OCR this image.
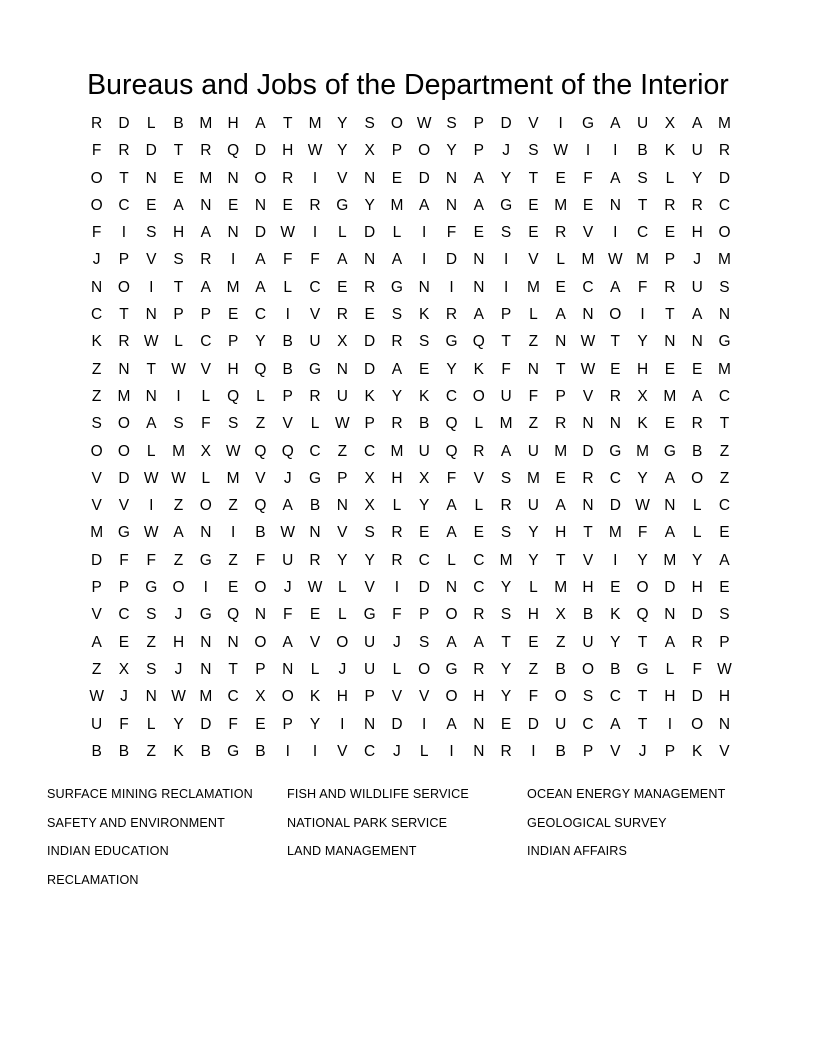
Bureaus and Jobs of the Department of the Interior
R	D	L	B	M H	A	T	M	Y	S	O W S	P	D	V	I	G	A	U	X	A	M
F	R	D	T	R	Q	D	H W Y	X	P	O	Y	P	J	S W	I	I	B	K	U	R
O	T	N	E	M N	O	R	I	V	N	E	D	N	A	Y	T	E	F	A	S	L	Y	D
O	C	E	A	N	E	N	E	R	G	Y	M	A	N	A	G	E	M	E	N	T	R	R	C
F	I	S	H	A	N	D W	I	L	D	L	I	F	E	S	E	R	V	I	C	E	H	O
J	P	V	S	R	I	A	F	F	A	N	A	I	D	N	I	V	L	M W M	P	J	M
N	O	I	T	A	M	A	L	C	E	R	G	N	I	N	I	M	E	C	A	F	R	U	S
C	T	N	P	P	E	C	I	V	R	E	S	K	R	A	P	L	A	N	O	I	T	A	N
K	R W	L	C	P	Y	B	U	X	D	R	S	G Q	T	Z	N W T	Y	N	N	G
Z	N	T W V	H	Q	B	G	N	D	A	E	Y	K	F	N	T W E	H	E	E	M
Z	M N	I	L	Q	L	P	R	U	K	Y	K	C	O	U	F	P	V	R	X	M	A	C
S	O	A	S	F	S	Z	V	L	W P	R	B	Q	L	M	Z	R	N	N	K	E	R	T
O O	L	M	X W Q Q	C	Z	C M U	Q	R	A	U M D	G M G	B	Z
V	D W W	L	M	V	J	G	P	X	H	X	F	V	S	M	E	R	C	Y	A	O	Z
V	V	I	Z	O	Z	Q	A	B	N	X	L	Y	A	L	R	U	A	N	D W N	L	C
M G W A	N	I	B W N	V	S	R	E	A	E	S	Y	H	T	M	F	A	L	E
D	F	F	Z	G	Z	F	U	R	Y	Y	R	C	L	C M	Y	T	V	I	Y	M	Y	A
P	P	G O	I	E	O	J	W	L	V	I	D	N	C	Y	L	M H	E	O	D	H	E
V	C	S	J	G Q	N	F	E	L	G	F	P	O	R	S	H	X	B	K	Q	N	D	S
A	E	Z	H	N	N	O	A	V	O	U	J	S	A	A	T	E	Z	U	Y	T	A	R	P
Z	X	S	J	N	T	P	N	L	J	U	L	O G	R	Y	Z	B	O	B	G	L	F W
W	J	N W M C	X	O	K	H	P	V	V	O	H	Y	F	O	S	C	T	H	D	H
U	F	L	Y	D	F	E	P	Y	I	N	D	I	A	N	E	D	U	C	A	T	I	O	N
B	B	Z	K	B	G	B	I	I	V	C	J	L	I	N	R	I	B	P	V	J	P	K	V
SURFACE MINING RECLAMATION	FISH AND WILDLIFE SERVICE	OCEAN ENERGY MANAGEMENT
SAFETY AND ENVIRONMENT	NATIONAL PARK SERVICE	GEOLOGICAL SURVEY
INDIAN EDUCATION	LAND MANAGEMENT	INDIAN AFFAIRS
RECLAMATION
